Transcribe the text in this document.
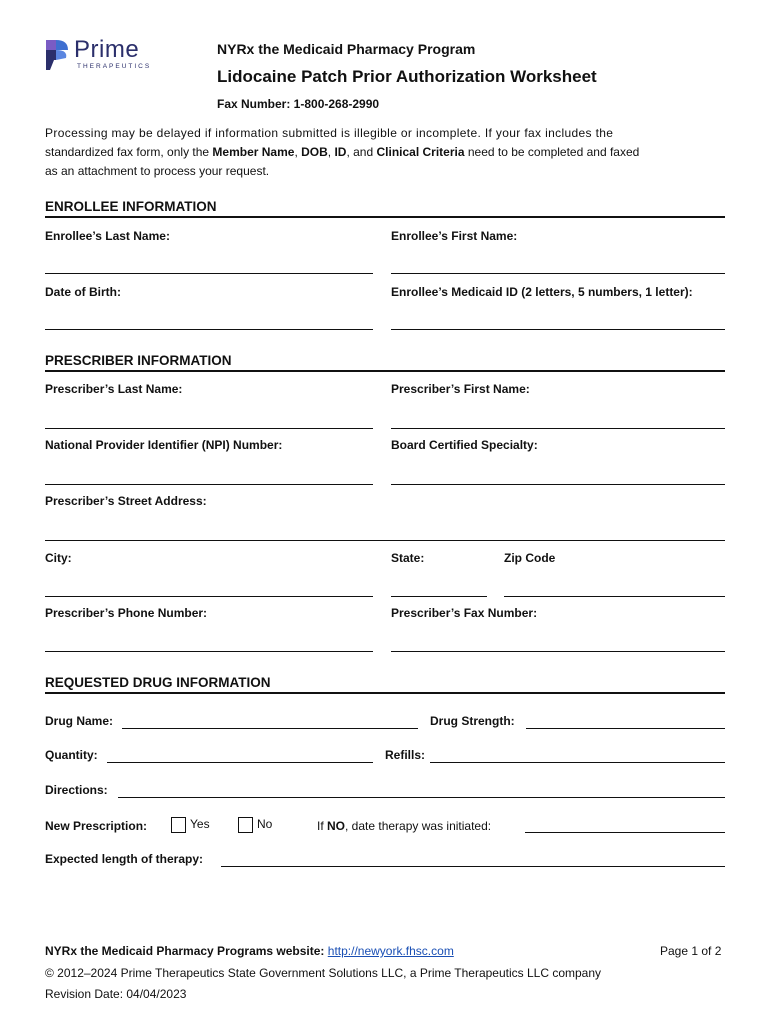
Prime
THERAPEUTICS
NYRx the Medicaid Pharmacy Program
Lidocaine Patch Prior Authorization Worksheet
Fax Number: 1-800-268-2990
Processing may be delayed if information submitted is illegible or incomplete. If your fax includes the
standardized fax form, only the Member Name, DOB, ID, and Clinical Criteria need to be completed and faxed
as an attachment to process your request.
ENROLLEE INFORMATION
Enrollee’s Last Name:	Enrollee’s First Name:
Date of Birth:	Enrollee’s Medicaid ID (2 letters, 5 numbers, 1 letter):
PRESCRIBER INFORMATION
Prescriber’s Last Name:	Prescriber’s First Name:
National Provider Identifier (NPI) Number:	Board Certified Specialty:
Prescriber’s Street Address:
City:	State:	Zip Code
Prescriber’s Phone Number:	Prescriber’s Fax Number:
REQUESTED DRUG INFORMATION
Drug Name:	Drug Strength:
Quantity:	Refills:
Directions:
New Prescription:	Yes	No	If NO, date therapy was initiated:
Expected length of therapy:
NYRx the Medicaid Pharmacy Programs website: http://newyork.fhsc.com	Page 1 of 2
© 2012–2024 Prime Therapeutics State Government Solutions LLC, a Prime Therapeutics LLC company
Revision Date: 04/04/2023
